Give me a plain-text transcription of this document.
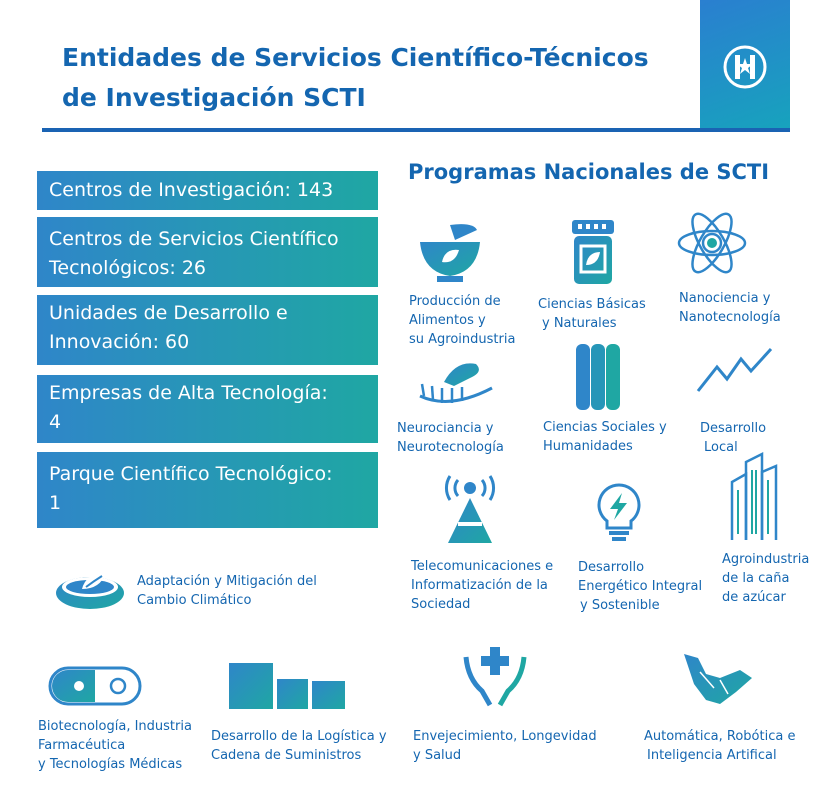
Entidades de Servicios Científico-Técnicos
de Investigación SCTI
Centros de Investigación: 143
Centros de Servicios Científico
Tecnológicos: 26
Unidades de Desarrollo e
Innovación: 60
Empresas de Alta Tecnología:
4
Parque Científico Tecnológico:
1
Programas Nacionales de SCTI
Producción de
Alimentos y
su Agroindustria
Ciencias Básicas
y Naturales
Nanociencia y
Nanotecnología
Neurociancia y
Neurotecnología
Ciencias Sociales y
Humanidades
Desarrollo
Local
Telecomunicaciones e
Informatización de la
Sociedad
Desarrollo
Energético Integral
y Sostenible
Agroindustria
de la caña
de azúcar
Adaptación y Mitigación del
Cambio Climático
Biotecnología, Industria
Farmacéutica
y Tecnologías Médicas
Desarrollo de la Logística y
Cadena de Suministros
Envejecimiento, Longevidad
y Salud
Automática, Robótica e
Inteligencia Artifical
